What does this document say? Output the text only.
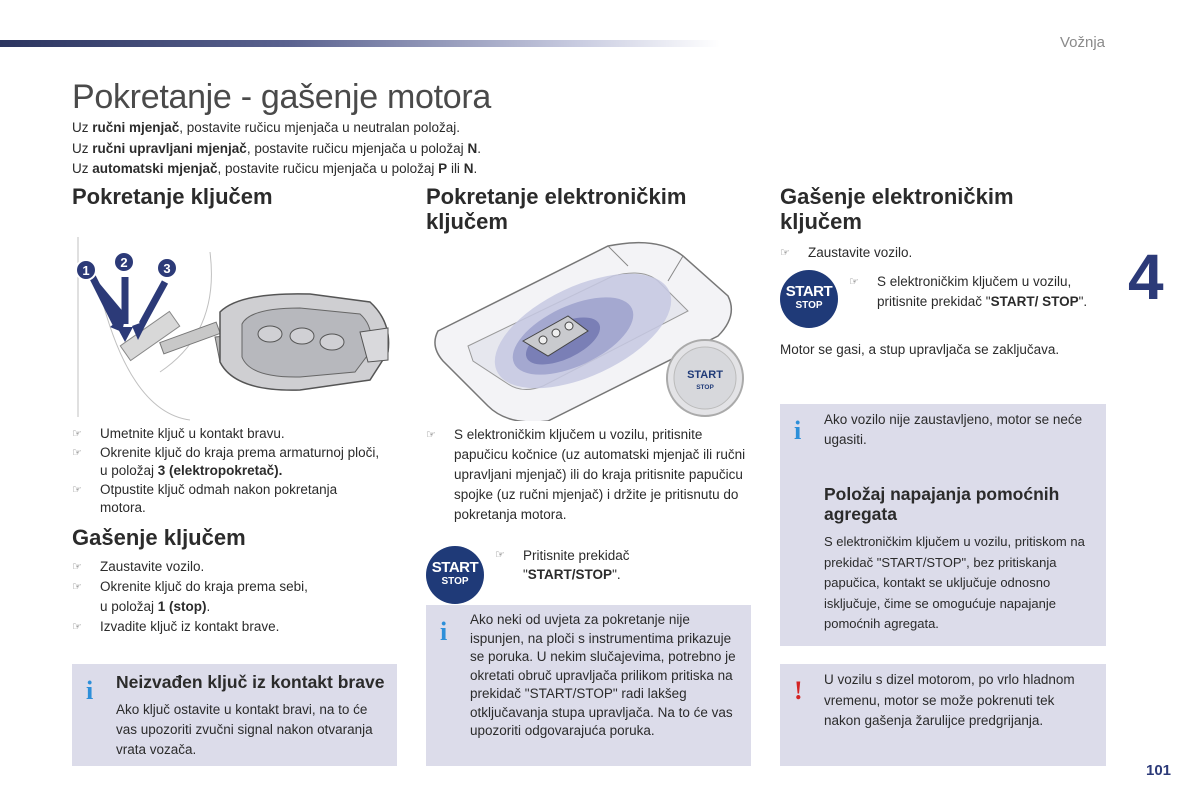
Vožnja
4
101
Pokretanje - gašenje motora
Uz ručni mjenjač, postavite ručicu mjenjača u neutralan položaj.
Uz ručni upravljani mjenjač, postavite ručicu mjenjača u položaj N.
Uz automatski mjenjač, postavite ručicu mjenjača u položaj P ili N.
Pokretanje ključem
1
2	3
☞ Umetnite ključ u kontakt bravu.
☞ Okrenite ključ do kraja prema armaturnoj ploči, u položaj 3 (elektropokretač).
☞ Otpustite ključ odmah nakon pokretanja motora.
Gašenje ključem
☞ Zaustavite vozilo.
☞ Okrenite ključ do kraja prema sebi,
u položaj 1 (stop).
☞ Izvadite ključ iz kontakt brave.
i Neizvađen ključ iz kontakt brave
Ako ključ ostavite u kontakt bravi, na to će vas upozoriti zvučni signal nakon otvaranja vrata vozača.
Pokretanje elektroničkim ključem
START
STOP
☞ S elektroničkim ključem u vozilu, pritisnite papučicu kočnice (uz automatski mjenjač ili ručni upravljani mjenjač) ili do kraja pritisnite papučicu spojke (uz ručni mjenjač) i držite je pritisnutu do pokretanja motora.
START
STOP
☞ Pritisnite prekidač
"START/STOP".
i Ako neki od uvjeta za pokretanje nije ispunjen, na ploči s instrumentima prikazuje se poruka. U nekim slučajevima, potrebno je okretati obruč upravljača prilikom pritiska na prekidač "START/STOP" radi lakšeg otključavanja stupa upravljača. Na to će vas upozoriti odgovarajuća poruka.
Gašenje elektroničkim ključem
☞ Zaustavite vozilo.
START
STOP
☞ S elektroničkim ključem u vozilu, pritisnite prekidač "START/ STOP".
Motor se gasi, a stup upravljača se zaključava.
i Ako vozilo nije zaustavljeno, motor se neće ugasiti.
Položaj napajanja pomoćnih agregata
S elektroničkim ključem u vozilu, pritiskom na prekidač "START/STOP", bez pritiskanja papučica, kontakt se uključuje odnosno isključuje, čime se omogućuje napajanje pomoćnih agregata.
! U vozilu s dizel motorom, po vrlo hladnom vremenu, motor se može pokrenuti tek nakon gašenja žarulijce predgrijanja.
